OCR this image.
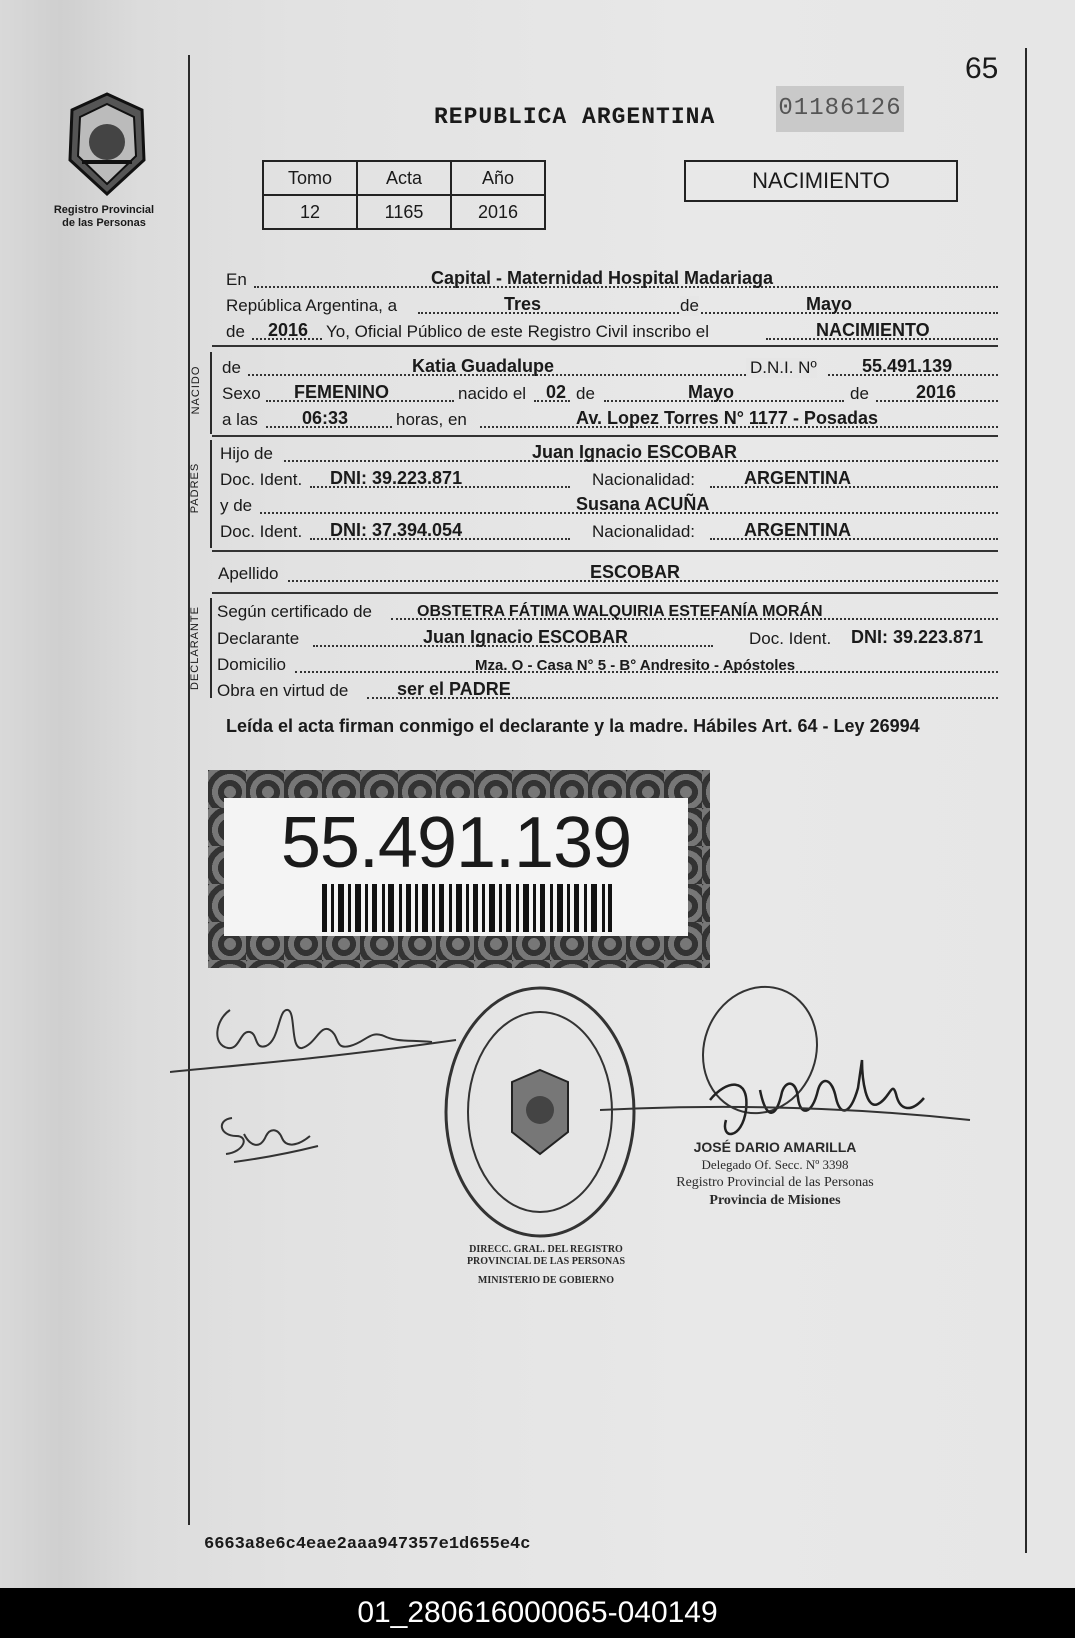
65
Registro Provincial
de las Personas
REPUBLICA ARGENTINA	01186126
Tomo	Acta	Año
12	1165	2016
NACIMIENTO
En	Capital - Maternidad Hospital Madariaga
República Argentina, a	Tres	de	Mayo
de 2016 Yo, Oficial Público de este Registro Civil inscribo el	NACIMIENTO
NACIDO de	Katia Guadalupe	D.N.I. Nº	55.491.139
Sexo FEMENINO	nacido el 02 de	Mayo	de	2016
a las 06:33	horas, en	Av. Lopez Torres N° 1177 - Posadas
PADRES
Hijo de	Juan Ignacio ESCOBAR
Doc. Ident. DNI: 39.223.871	Nacionalidad:	ARGENTINA
y de	Susana ACUÑA
Doc. Ident. DNI: 37.394.054	Nacionalidad:	ARGENTINA
Apellido	ESCOBAR
DECLARANTE Según certificado de	OBSTETRA FÁTIMA WALQUIRIA ESTEFANÍA MORÁN
Declarante	Juan Ignacio ESCOBAR	Doc. Ident. DNI: 39.223.871
Domicilio	Mza. O - Casa N° 5 - B° Andresito - Apóstoles
Obra en virtud de	ser el PADRE
Leída el acta firman conmigo el declarante y la madre. Hábiles Art. 64 - Ley 26994
55.491.139
DIRECC. GRAL. DEL REGISTRO PROVINCIAL DE LAS PERSONAS
MINISTERIO DE GOBIERNO
JOSÉ DARIO AMARILLA
Delegado Of. Secc. Nº 3398
Registro Provincial de las Personas
Provincia de Misiones
6663a8e6c4eae2aaa947357e1d655e4c
01_280616000065-040149
